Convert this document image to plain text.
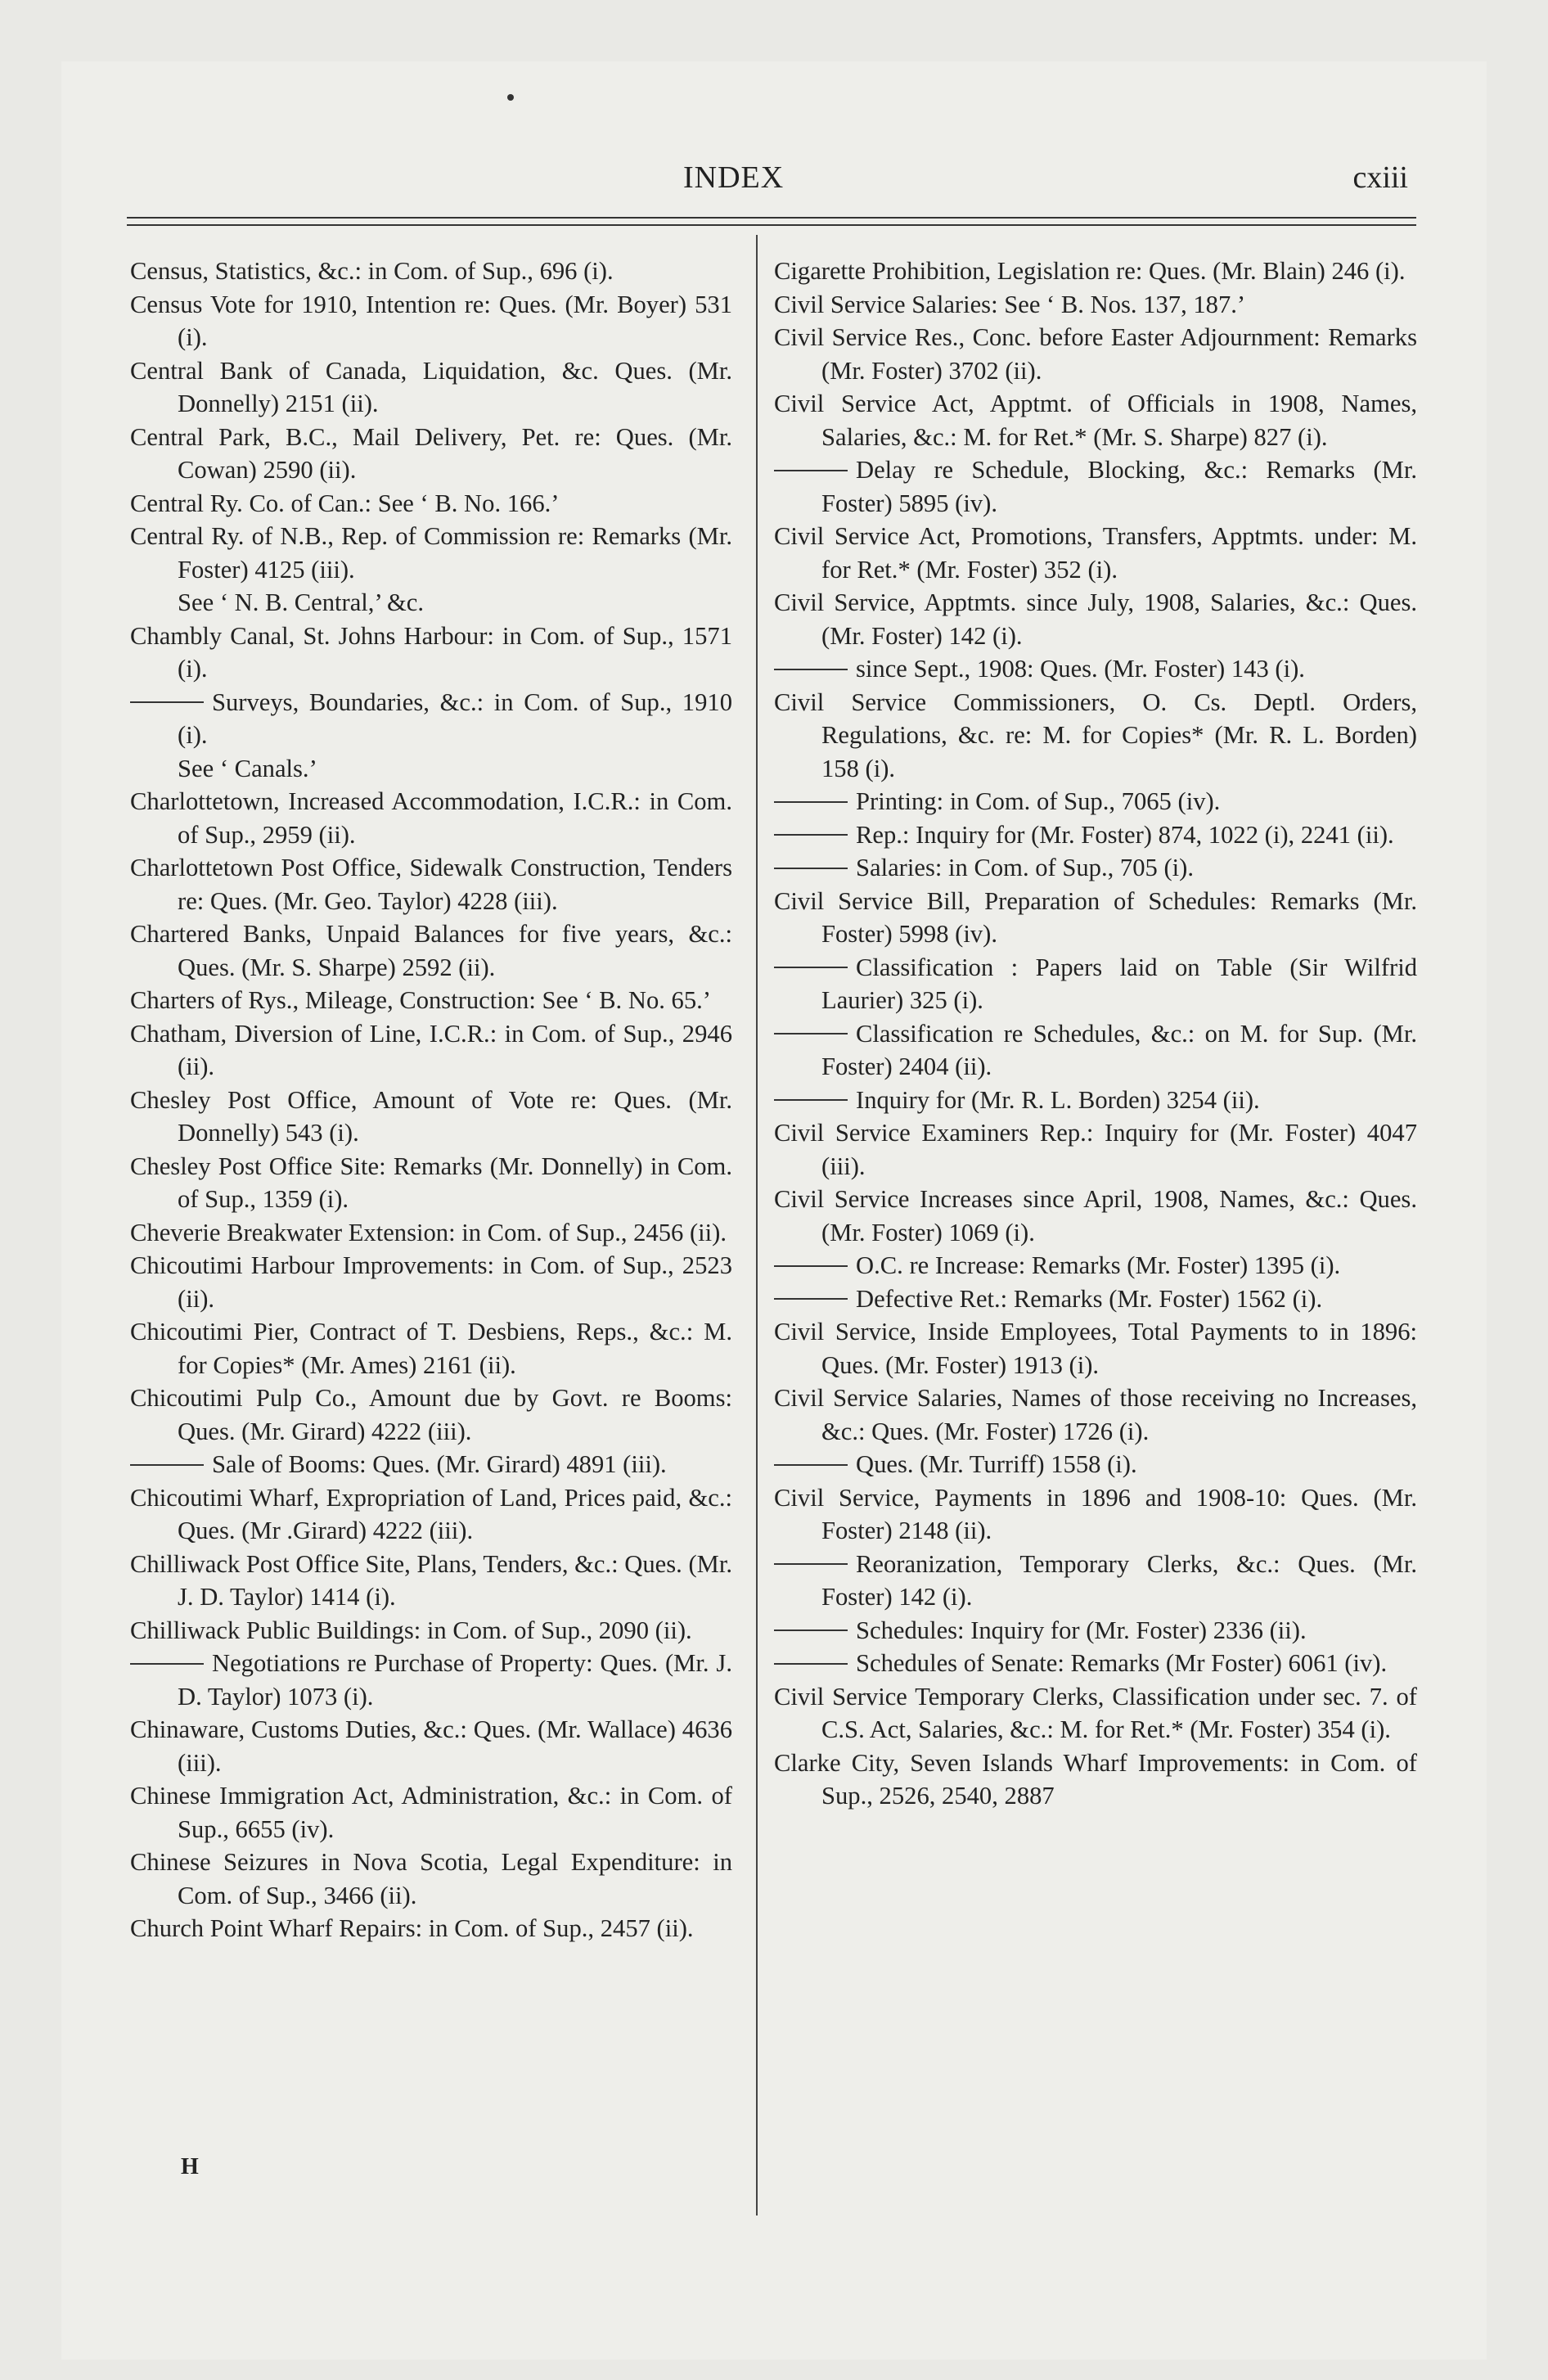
INDEX	cxiii

Census, Statistics, &c.: in Com. of Sup., 696 (i).

Census Vote for 1910, Intention re: Ques. (Mr. Boyer) 531 (i).

Central Bank of Canada, Liquidation, &c. Ques. (Mr. Donnelly) 2151 (ii).

Central Park, B.C., Mail Delivery, Pet. re: Ques. (Mr. Cowan) 2590 (ii).

Central Ry. Co. of Can.: See ‘ B. No. 166.’

Central Ry. of N.B., Rep. of Commission re: Remarks (Mr. Foster) 4125 (iii).

See ‘ N. B. Central,’ &c.

Chambly Canal, St. Johns Harbour: in Com. of Sup., 1571 (i).

Surveys, Boundaries, &c.: in Com. of Sup., 1910 (i).

See ‘ Canals.’

Charlottetown, Increased Accommodation, I.C.R.: in Com. of Sup., 2959 (ii).

Charlottetown Post Office, Sidewalk Construction, Tenders re: Ques. (Mr. Geo. Taylor) 4228 (iii).

Chartered Banks, Unpaid Balances for five years, &c.: Ques. (Mr. S. Sharpe) 2592 (ii).

Charters of Rys., Mileage, Construction: See ‘ B. No. 65.’

Chatham, Diversion of Line, I.C.R.: in Com. of Sup., 2946 (ii).

Chesley Post Office, Amount of Vote re: Ques. (Mr. Donnelly) 543 (i).

Chesley Post Office Site: Remarks (Mr. Donnelly) in Com. of Sup., 1359 (i).

Cheverie Breakwater Extension: in Com. of Sup., 2456 (ii).

Chicoutimi Harbour Improvements: in Com. of Sup., 2523 (ii).

Chicoutimi Pier, Contract of T. Desbiens, Reps., &c.: M. for Copies* (Mr. Ames) 2161 (ii).

Chicoutimi Pulp Co., Amount due by Govt. re Booms: Ques. (Mr. Girard) 4222 (iii).

Sale of Booms: Ques. (Mr. Girard) 4891 (iii).

Chicoutimi Wharf, Expropriation of Land, Prices paid, &c.: Ques. (Mr .Girard) 4222 (iii).

Chilliwack Post Office Site, Plans, Tenders, &c.: Ques. (Mr. J. D. Taylor) 1414 (i).

Chilliwack Public Buildings: in Com. of Sup., 2090 (ii).

Negotiations re Purchase of Property: Ques. (Mr. J. D. Taylor) 1073 (i).

Chinaware, Customs Duties, &c.: Ques. (Mr. Wallace) 4636 (iii).

Chinese Immigration Act, Administration, &c.: in Com. of Sup., 6655 (iv).

Chinese Seizures in Nova Scotia, Legal Expenditure: in Com. of Sup., 3466 (ii).

Church Point Wharf Repairs: in Com. of Sup., 2457 (ii).

Cigarette Prohibition, Legislation re: Ques. (Mr. Blain) 246 (i).

Civil Service Salaries: See ‘ B. Nos. 137, 187.’

Civil Service Res., Conc. before Easter Adjournment: Remarks (Mr. Foster) 3702 (ii).

Civil Service Act, Apptmt. of Officials in 1908, Names, Salaries, &c.: M. for Ret.* (Mr. S. Sharpe) 827 (i).

Delay re Schedule, Blocking, &c.: Remarks (Mr. Foster) 5895 (iv).

Civil Service Act, Promotions, Transfers, Apptmts. under: M. for Ret.* (Mr. Foster) 352 (i).

Civil Service, Apptmts. since July, 1908, Salaries, &c.: Ques. (Mr. Foster) 142 (i).

since Sept., 1908: Ques. (Mr. Foster) 143 (i).

Civil Service Commissioners, O. Cs. Deptl. Orders, Regulations, &c. re: M. for Copies* (Mr. R. L. Borden) 158 (i).

Printing: in Com. of Sup., 7065 (iv).

Rep.: Inquiry for (Mr. Foster) 874, 1022 (i), 2241 (ii).

Salaries: in Com. of Sup., 705 (i).

Civil Service Bill, Preparation of Schedules: Remarks (Mr. Foster) 5998 (iv).

Classification : Papers laid on Table (Sir Wilfrid Laurier) 325 (i).

Classification re Schedules, &c.: on M. for Sup. (Mr. Foster) 2404 (ii).

Inquiry for (Mr. R. L. Borden) 3254 (ii).

Civil Service Examiners Rep.: Inquiry for (Mr. Foster) 4047 (iii).

Civil Service Increases since April, 1908, Names, &c.: Ques. (Mr. Foster) 1069 (i).

O.C. re Increase: Remarks (Mr. Foster) 1395 (i).

Defective Ret.: Remarks (Mr. Foster) 1562 (i).

Civil Service, Inside Employees, Total Payments to in 1896: Ques. (Mr. Foster) 1913 (i).

Civil Service Salaries, Names of those receiving no Increases, &c.: Ques. (Mr. Foster) 1726 (i).

Ques. (Mr. Turriff) 1558 (i).

Civil Service, Payments in 1896 and 1908-10: Ques. (Mr. Foster) 2148 (ii).

Reoranization, Temporary Clerks, &c.: Ques. (Mr. Foster) 142 (i).

Schedules: Inquiry for (Mr. Foster) 2336 (ii).

Schedules of Senate: Remarks (Mr Foster) 6061 (iv).

Civil Service Temporary Clerks, Classification under sec. 7. of C.S. Act, Salaries, &c.: M. for Ret.* (Mr. Foster) 354 (i).

Clarke City, Seven Islands Wharf Improvements: in Com. of Sup., 2526, 2540, 2887

H
